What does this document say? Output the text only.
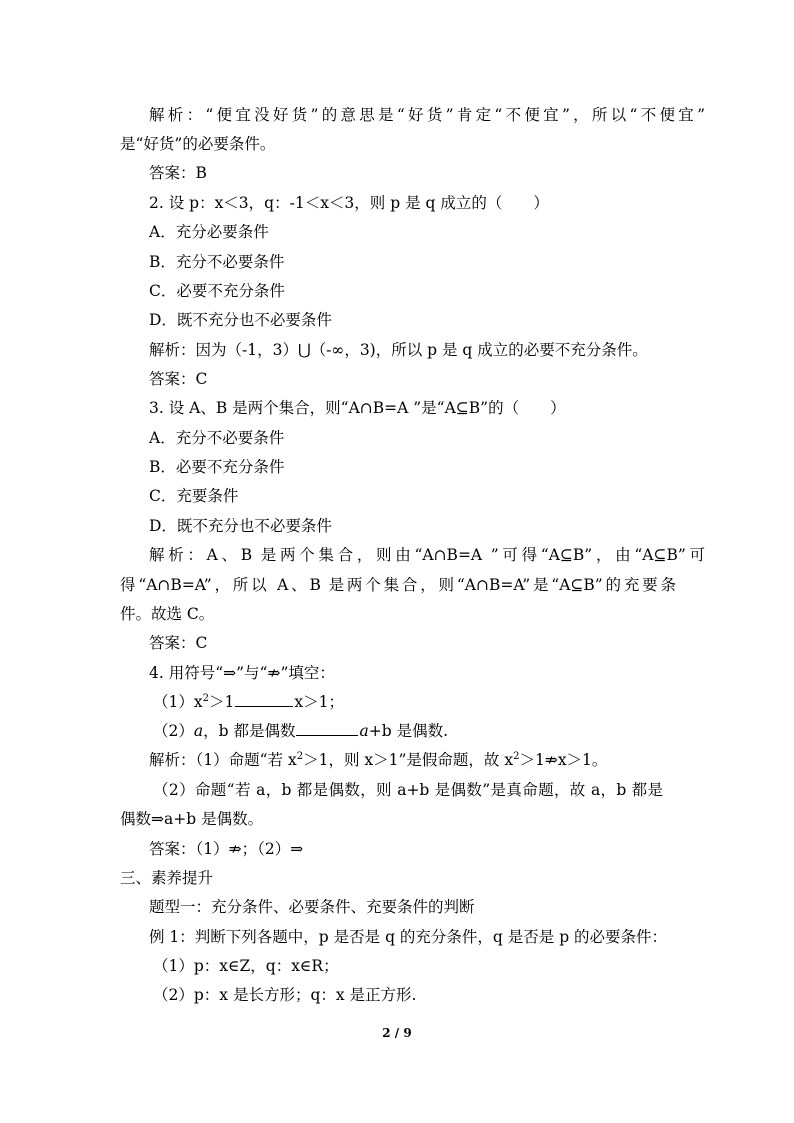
解析：“便宜没好货”的意思是“好货”肯定“不便宜”，所以“不便宜”
是“好货”的必要条件。
答案：B
2. 设 p：x＜3，q：-1＜x＜3，则 p 是 q 成立的（　　）
A．充分必要条件
B．充分不必要条件
C．必要不充分条件
D．既不充分也不必要条件
解析：因为（-1，3）⋃（-∞，3)，所以 p 是 q 成立的必要不充分条件。
答案：C
3. 设 A、B 是两个集合，则“A∩B=A ”是“A⊆B”的（　　）
A．充分不必要条件
B．必要不充分条件
C．充要条件
D．既不充分也不必要条件
解析：A、B 是两个集合，则由“A∩B=A ”可得“A⊆B”，由“A⊆B”可
得“A∩B=A”，所以 A、B 是两个集合，则“A∩B=A”是“A⊆B”的充要条
件。故选 C。
答案：C
4. 用符号“⇒”与“⇏”填空：
$(1)x^2>1$	x＞1；
（2）a，b 都是偶数	a+b 是偶数.
解析：（1）命题“若 $x^2>1$，则 x＞1”是假命题，故 $x^2>1⇏x>1$。
（2）命题“若 a，b 都是偶数，则 a+b 是偶数”是真命题，故 a，b 都是
偶数⇒a+b 是偶数。
答案：（1）⇏；（2）⇒
三、素养提升
题型一：充分条件、必要条件、充要条件的判断
例 1：判断下列各题中，p 是否是 q 的充分条件，q 是否是 p 的必要条件：
（1）p：x∈Z，q：x∈R；
（2）p：x 是长方形；q：x 是正方形.
2 / 9
